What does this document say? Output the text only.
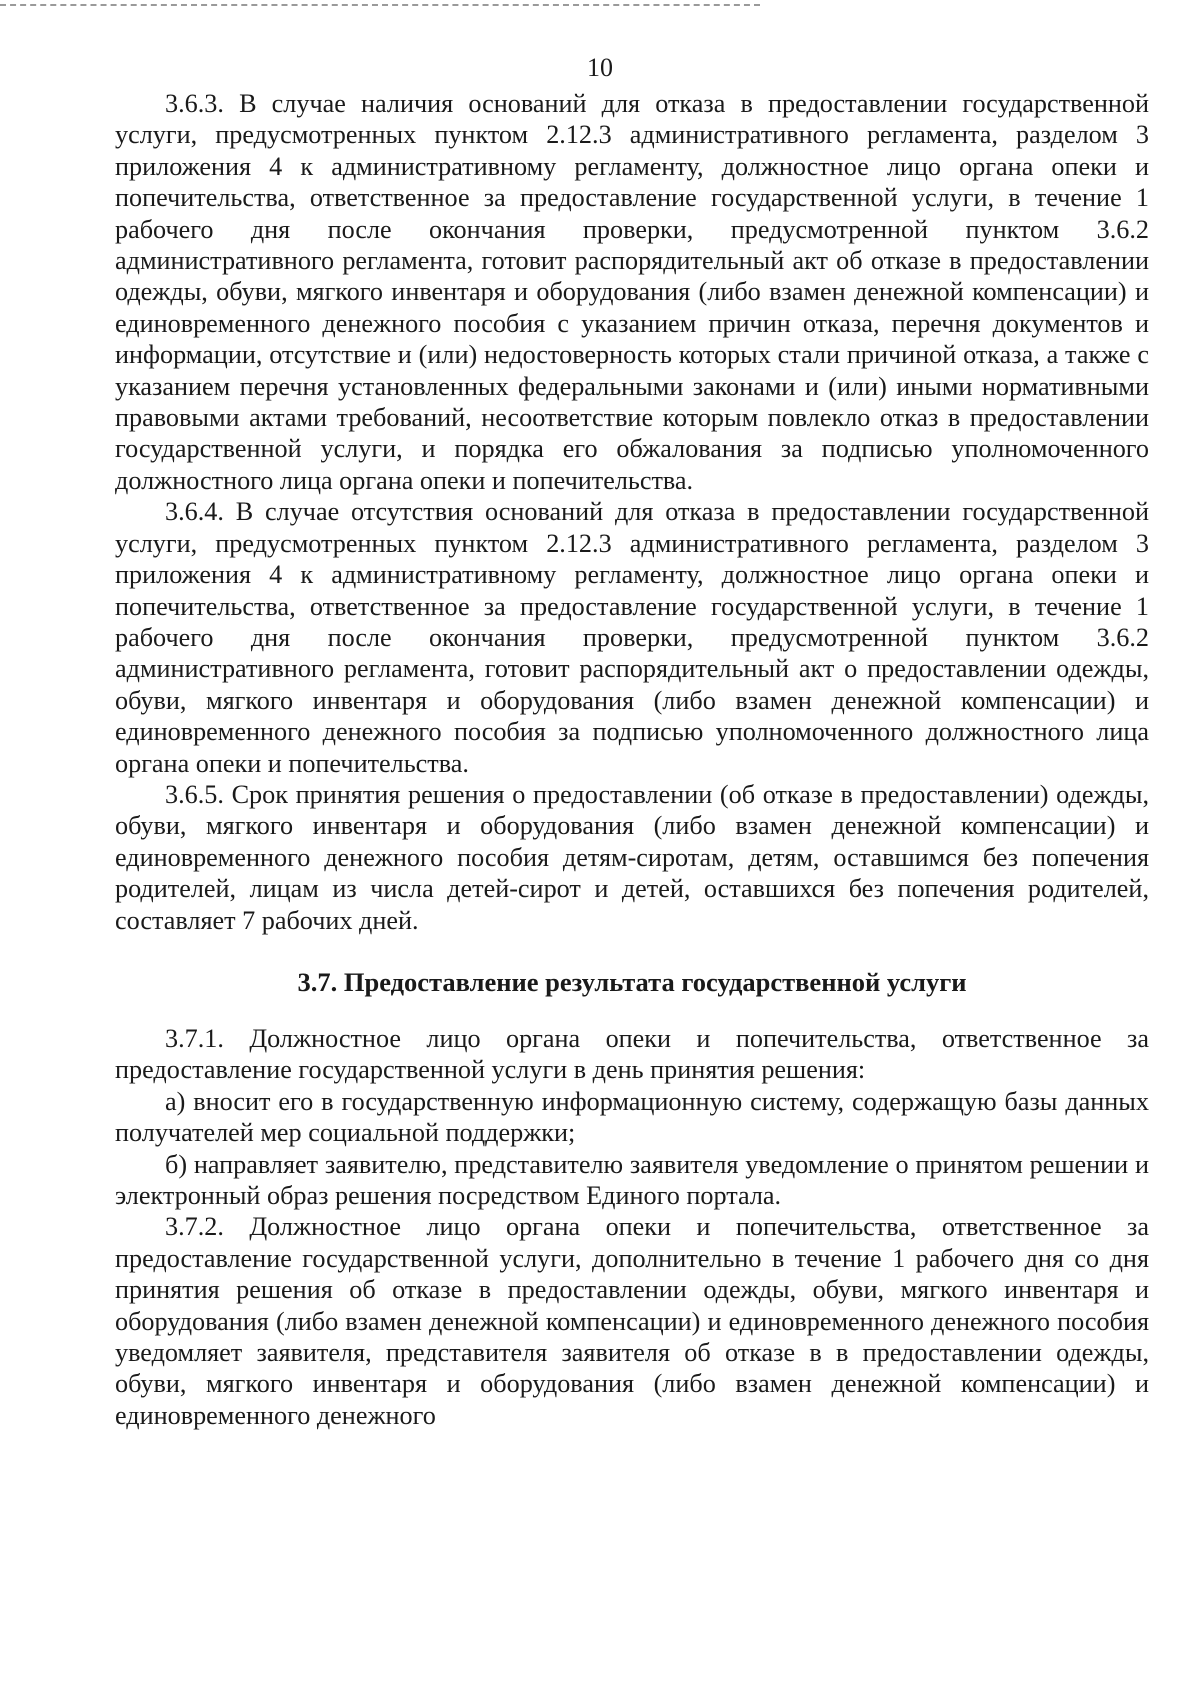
10

3.6.3. В случае наличия оснований для отказа в предоставлении государственной услуги, предусмотренных пунктом 2.12.3 административного регламента, разделом 3 приложения 4 к административному регламенту, должностное лицо органа опеки и попечительства, ответственное за предоставление государственной услуги, в течение 1 рабочего дня после окончания проверки, предусмотренной пунктом 3.6.2 административного регламента, готовит распорядительный акт об отказе в предоставлении одежды, обуви, мягкого инвентаря и оборудования (либо взамен денежной компенсации) и единовременного денежного пособия с указанием причин отказа, перечня документов и информации, отсутствие и (или) недостоверность которых стали причиной отказа, а также с указанием перечня установленных федеральными законами и (или) иными нормативными правовыми актами требований, несоответствие которым повлекло отказ в предоставлении государственной услуги, и порядка его обжалования за подписью уполномоченного должностного лица органа опеки и попечительства.

3.6.4. В случае отсутствия оснований для отказа в предоставлении государственной услуги, предусмотренных пунктом 2.12.3 административного регламента, разделом 3 приложения 4 к административному регламенту, должностное лицо органа опеки и попечительства, ответственное за предоставление государственной услуги, в течение 1 рабочего дня после окончания проверки, предусмотренной пунктом 3.6.2 административного регламента, готовит распорядительный акт о предоставлении одежды, обуви, мягкого инвентаря и оборудования (либо взамен денежной компенсации) и единовременного денежного пособия за подписью уполномоченного должностного лица органа опеки и попечительства.

3.6.5. Срок принятия решения о предоставлении (об отказе в предоставлении) одежды, обуви, мягкого инвентаря и оборудования (либо взамен денежной компенсации) и единовременного денежного пособия детям-сиротам, детям, оставшимся без попечения родителей, лицам из числа детей-сирот и детей, оставшихся без попечения родителей, составляет 7 рабочих дней.

3.7. Предоставление результата государственной услуги

3.7.1. Должностное лицо органа опеки и попечительства, ответственное за предоставление государственной услуги в день принятия решения:

а) вносит его в государственную информационную систему, содержащую базы данных получателей мер социальной поддержки;

б) направляет заявителю, представителю заявителя уведомление о принятом решении и электронный образ решения посредством Единого портала.

3.7.2. Должностное лицо органа опеки и попечительства, ответственное за предоставление государственной услуги, дополнительно в течение 1 рабочего дня со дня принятия решения об отказе в предоставлении одежды, обуви, мягкого инвентаря и оборудования (либо взамен денежной компенсации) и единовременного денежного пособия уведомляет заявителя, представителя заявителя об отказе в в предоставлении одежды, обуви, мягкого инвентаря и оборудования (либо взамен денежной компенсации) и единовременного денежного
